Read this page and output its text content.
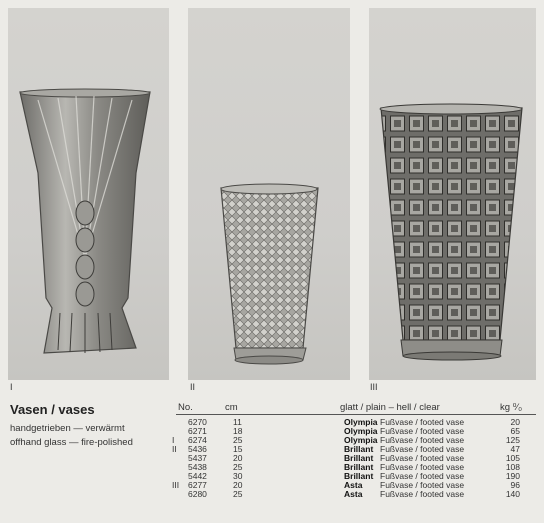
I	II	III
Vasen / vases
handgetrieben — verwärmt
offhand glass — fire-polished
No.	cm	glatt / plain – hell / clear	kg ⁰⁄₀
6270	11	Olympia Fußvase / footed vase	20
6271	18	Olympia Fußvase / footed vase	65
I 6274	25	Olympia Fußvase / footed vase	125
II 5436	15	Brillant Fußvase / footed vase	47
5437	20	Brillant Fußvase / footed vase	105
5438	25	Brillant Fußvase / footed vase	108
5442	30	Brillant Fußvase / footed vase	190
III 6277	20	Asta Fußvase / footed vase	96
6280	25	Asta Fußvase / footed vase	140
